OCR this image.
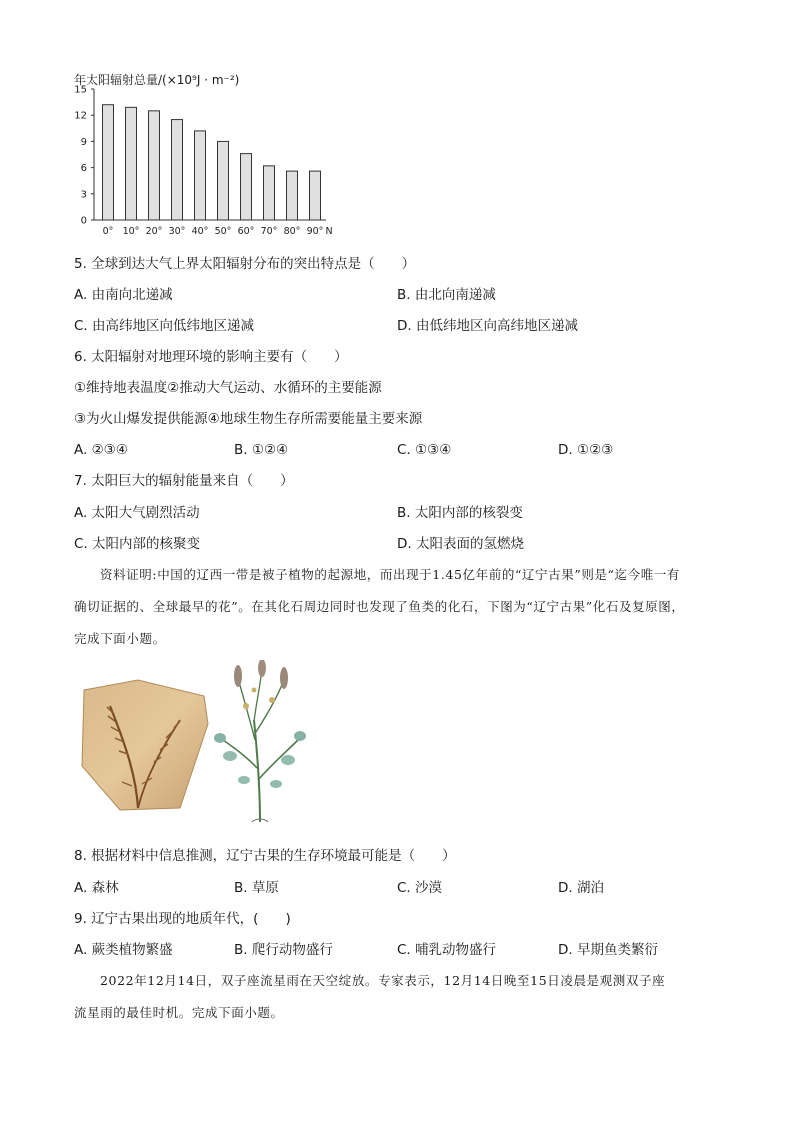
年太阳辐射总量/(×10⁹J · m⁻²)
0
3
6
9
12
15
0° 10° 20° 30° 40° 50° 60° 70° 80° 90° N
5. 全球到达大气上界太阳辐射分布的突出特点是（　　）
A. 由南向北递减	B. 由北向南递减
C. 由高纬地区向低纬地区递减	D. 由低纬地区向高纬地区递减
6. 太阳辐射对地理环境的影响主要有（　　）
①维持地表温度②推动大气运动、水循环的主要能源
③为火山爆发提供能源④地球生物生存所需要能量主要来源
A. ②③④	B. ①②④	C. ①③④	D. ①②③
7. 太阳巨大的辐射能量来自（　　）
A. 太阳大气剧烈活动	B. 太阳内部的核裂变
C. 太阳内部的核聚变	D. 太阳表面的氢燃烧
资料证明:中国的辽西一带是被子植物的起源地，而出现于1.45亿年前的“辽宁古果”则是“迄今唯一有
确切证据的、全球最早的花”。在其化石周边同时也发现了鱼类的化石，下图为“辽宁古果”化石及复原图，
完成下面小题。
8. 根据材料中信息推测，辽宁古果的生存环境最可能是（　　）
A. 森林	B. 草原	C. 沙漠	D. 湖泊
9. 辽宁古果出现的地质年代，(　　)
A. 蕨类植物繁盛	B. 爬行动物盛行	C. 哺乳动物盛行	D. 早期鱼类繁衍
2022年12月14日，双子座流星雨在天空绽放。专家表示，12月14日晚至15日凌晨是观测双子座
流星雨的最佳时机。完成下面小题。
